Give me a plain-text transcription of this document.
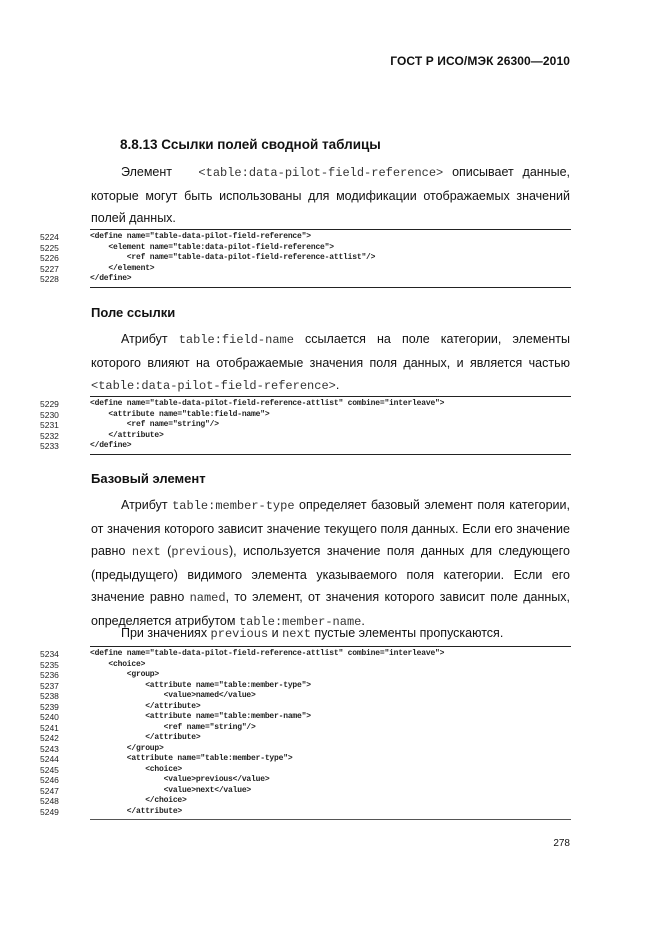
ГОСТ Р ИСО/МЭК 26300—2010
8.8.13 Ссылки полей сводной таблицы
Элемент <table:data-pilot-field-reference> описывает данные, которые могут быть использованы для модификации отображаемых значений полей данных.
5224	<define name="table-data-pilot-field-reference">
5225	<element name="table:data-pilot-field-reference">
5226	<ref name="table-data-pilot-field-reference-attlist"/>
5227	</element>
5228	</define>
Поле ссылки
Атрибут table:field-name ссылается на поле категории, элементы которого влияют на отображаемые значения поля данных, и является частью <table:data-pilot-field-reference>.
5229	<define name="table-data-pilot-field-reference-attlist" combine="interleave">
5230	<attribute name="table:field-name">
5231	<ref name="string"/>
5232	</attribute>
5233	</define>
Базовый элемент
Атрибут table:member-type определяет базовый элемент поля категории, от значения которого зависит значение текущего поля данных. Если его значение равно next (previous), используется значение поля данных для следующего (предыдущего) видимого элемента указываемого поля категории. Если его значение равно named, то элемент, от значения которого зависит поле данных, определяется атрибутом table:member-name.
При значениях previous и next пустые элементы пропускаются.
5234	<define name="table-data-pilot-field-reference-attlist" combine="interleave">
5235	<choice>
5236	<group>
5237	<attribute name="table:member-type">
5238	<value>named</value>
5239	</attribute>
5240	<attribute name="table:member-name">
5241	<ref name="string"/>
5242	</attribute>
5243	</group>
5244	<attribute name="table:member-type">
5245	<choice>
5246	<value>previous</value>
5247	<value>next</value>
5248	</choice>
5249	</attribute>
278
